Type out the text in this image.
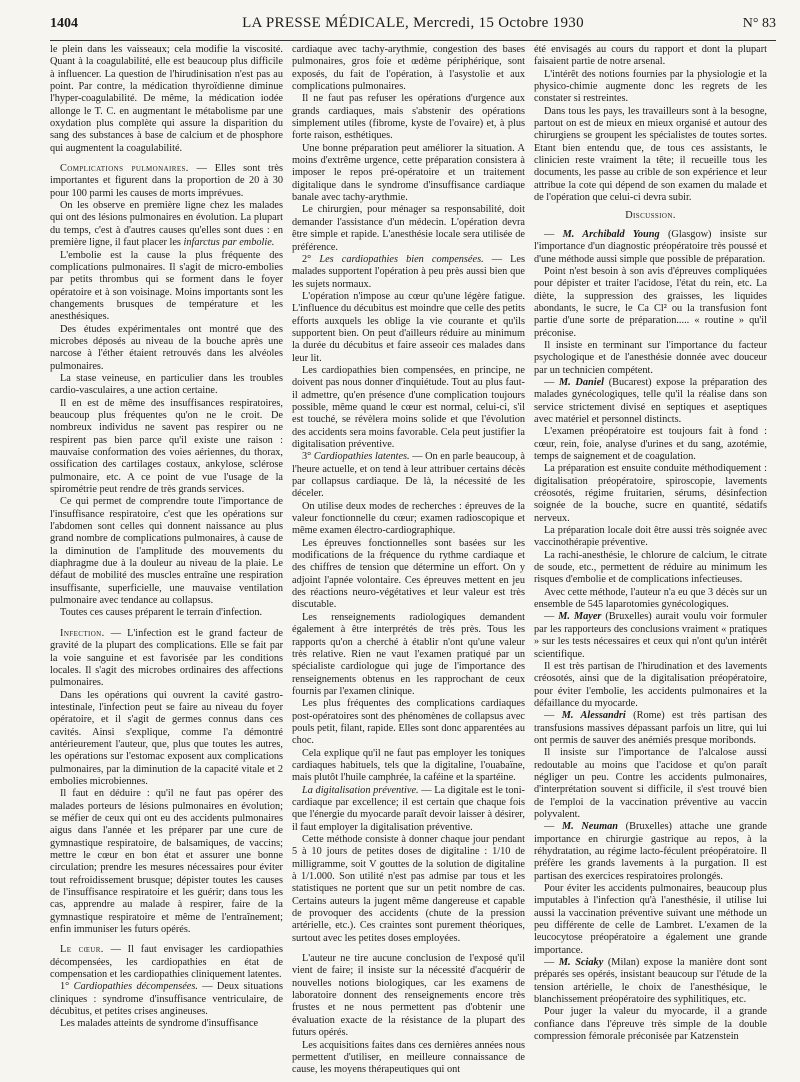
1404	LA PRESSE MÉDICALE, Mercredi, 15 Octobre 1930	N° 83

le plein dans les vaisseaux; cela modifie la viscosité. Quant à la coagulabilité, elle est beaucoup plus difficile à influencer. La question de l'hirudinisation n'est pas au point. Par contre, la médication thyroïdienne diminue l'hyper-coagulabilité. De même, la médication iodée allonge le T. C. en augmentant le métabolisme par une oxydation plus complète qui assure la disparition du sang des substances à base de calcium et de phosphore qui augmentent la coagulabilité.

Complications pulmonaires. — Elles sont très importantes et figurent dans la proportion de 20 à 30 pour 100 parmi les causes de morts imprévues.

On les observe en première ligne chez les malades qui ont des lésions pulmonaires en évolution. La plupart du temps, c'est à d'autres causes qu'elles sont dues : en première ligne, il faut placer les infarctus par embolie.

L'embolie est la cause la plus fréquente des complications pulmonaires. Il s'agit de micro-embolies par petits thrombus qui se forment dans le foyer opératoire et à son voisinage. Moins importants sont les changements brusques de température et les anesthésiques.

Des études expérimentales ont montré que des microbes déposés au niveau de la bouche après une narcose à l'éther étaient retrouvés dans les alvéoles pulmonaires.

La stase veineuse, en particulier dans les troubles cardio-vasculaires, a une action certaine.

Il en est de même des insuffisances respiratoires, beaucoup plus fréquentes qu'on ne le croit. De nombreux individus ne savent pas respirer ou ne respirent pas bien parce qu'il existe une raison : mauvaise conformation des voies aériennes, du thorax, ossification des cartilages costaux, ankylose, sclérose pulmonaire, etc. A ce point de vue l'usage de la spirométrie peut rendre de très grands services.

Ce qui permet de comprendre toute l'importance de l'insuffisance respiratoire, c'est que les opérations sur l'abdomen sont celles qui donnent naissance au plus grand nombre de complications pulmonaires, à cause de la diminution de l'amplitude des mouvements du diaphragme due à la douleur au niveau de la plaie. Le défaut de mobilité des muscles entraîne une respiration insuffisante, superficielle, une mauvaise ventilation pulmonaire avec tendance au collapsus.

Toutes ces causes préparent le terrain d'infection.

Infection. — L'infection est le grand facteur de gravité de la plupart des complications. Elle se fait par la voie sanguine et est favorisée par les conditions locales. Il s'agit des microbes ordinaires des affections pulmonaires.

Dans les opérations qui ouvrent la cavité gastro-intestinale, l'infection peut se faire au niveau du foyer opératoire, et il s'agit de germes connus dans ces cavités. Ainsi s'explique, comme l'a démontré antérieurement l'auteur, que, plus que toutes les autres, les opérations sur l'estomac exposent aux complications pulmonaires, par la diminution de la capacité vitale et 2 embolies microbiennes.

Il faut en déduire : qu'il ne faut pas opérer des malades porteurs de lésions pulmonaires en évolution; se méfier de ceux qui ont eu des accidents pulmonaires aigus dans l'année et les préparer par une cure de gymnastique respiratoire, de balsamiques, de vaccins; mettre le cœur en bon état et assurer une bonne circulation; prendre les mesures nécessaires pour éviter tout refroidissement brusque; dépister toutes les causes de l'insuffisance respiratoire et les guérir; dans tous les cas, apprendre au malade à respirer, faire de la gymnastique respiratoire et même de l'entraînement; enfin immuniser les futurs opérés.

Le cœur. — Il faut envisager les cardiopathies décompensées, les cardiopathies en état de compensation et les cardiopathies cliniquement latentes.

1° Cardiopathies décompensées. — Deux situations cliniques : syndrome d'insuffisance ventriculaire, de décubitus, et petites crises angineuses.

Les malades atteints de syndrome d'insuffisance

cardiaque avec tachy-arythmie, congestion des bases pulmonaires, gros foie et œdème périphérique, sont exposés, du fait de l'opération, à l'asystolie et aux complications pulmonaires.

Il ne faut pas refuser les opérations d'urgence aux grands cardiaques, mais s'abstenir des opérations simplement utiles (fibrome, kyste de l'ovaire) et, à plus forte raison, esthétiques.

Une bonne préparation peut améliorer la situation. A moins d'extrême urgence, cette préparation consistera à imposer le repos pré-opératoire et un traitement digitalique dans le syndrome d'insuffisance cardiaque banale avec tachy-arythmie.

Le chirurgien, pour ménager sa responsabilité, doit demander l'assistance d'un médecin. L'opération devra être simple et rapide. L'anesthésie locale sera utilisée de préférence.

2° Les cardiopathies bien compensées. — Les malades supportent l'opération à peu près aussi bien que les sujets normaux.

L'opération n'impose au cœur qu'une légère fatigue. L'influence du décubitus est moindre que celle des petits efforts auxquels les oblige la vie courante et qu'ils supportent bien. On peut d'ailleurs réduire au minimum la durée du décubitus et faire asseoir ces malades dans leur lit.

Les cardiopathies bien compensées, en principe, ne doivent pas nous donner d'inquiétude. Tout au plus faut-il admettre, qu'en présence d'une complication toujours possible, même quand le cœur est normal, celui-ci, s'il est touché, se révèlera moins solide et que l'évolution des accidents sera moins favorable. Cela peut justifier la digitalisation préventive.

3° Cardiopathies latentes. — On en parle beaucoup, à l'heure actuelle, et on tend à leur attribuer certains décès par collapsus cardiaque. De là, la nécessité de les déceler.

On utilise deux modes de recherches : épreuves de la valeur fonctionnelle du cœur; examen radioscopique et même examen électro-cardiographique.

Les épreuves fonctionnelles sont basées sur les modifications de la fréquence du rythme cardiaque et des chiffres de tension que détermine un effort. On y adjoint l'apnée volontaire. Ces épreuves mettent en jeu des réactions neuro-végétatives et leur valeur est très discutable.

Les renseignements radiologiques demandent également à être interprétés de très près. Tous les rapports qu'on a cherché à établir n'ont qu'une valeur très relative. Rien ne vaut l'examen pratiqué par un spécialiste cardiologue qui juge de l'importance des renseignements obtenus en les rapprochant de ceux fournis par l'examen clinique.

Les plus fréquentes des complications cardiaques post-opératoires sont des phénomènes de collapsus avec pouls petit, filant, rapide. Elles sont donc apparentées au choc.

Cela explique qu'il ne faut pas employer les toniques cardiaques habituels, tels que la digitaline, l'ouabaïne, mais plutôt l'huile camphrée, la caféine et la spartéine.

La digitalisation préventive. — La digitale est le toni-cardiaque par excellence; il est certain que chaque fois que l'énergie du myocarde paraît devoir laisser à désirer, il faut employer la digitalisation préventive.

Cette méthode consiste à donner chaque jour pendant 5 à 10 jours de petites doses de digitaline : 1/10 de milligramme, soit V gouttes de la solution de digitaline à 1/1.000. Son utilité n'est pas admise par tous et les statistiques ne portent que sur un petit nombre de cas. Certains auteurs la jugent même dangereuse et capable de provoquer des accidents (chute de la pression artérielle, etc.). Ces craintes sont purement théoriques, surtout avec les petites doses employées.

L'auteur ne tire aucune conclusion de l'exposé qu'il vient de faire; il insiste sur la nécessité d'acquérir de nouvelles notions biologiques, car les examens de laboratoire donnent des renseignements encore très frustes et ne nous permettent pas d'obtenir une évaluation exacte de la résistance de la plupart des futurs opérés.

Les acquisitions faites dans ces dernières années nous permettent d'utiliser, en meilleure connaissance de cause, les moyens thérapeutiques qui ont

été envisagés au cours du rapport et dont la plupart faisaient partie de notre arsenal.

L'intérêt des notions fournies par la physiologie et la physico-chimie augmente donc les regrets de les constater si restreintes.

Dans tous les pays, les travailleurs sont à la besogne, partout on est de mieux en mieux organisé et autour des chirurgiens se groupent les spécialistes de toutes sortes. Etant bien entendu que, de tous ces assistants, le clinicien reste vraiment la tête; il recueille tous les documents, les passe au crible de son expérience et leur attribue la cote qui dépend de son examen du malade et de l'opération que celui-ci devra subir.

Discussion.

— M. Archibald Young (Glasgow) insiste sur l'importance d'un diagnostic préopératoire très poussé et d'une méthode aussi simple que possible de préparation.

Point n'est besoin à son avis d'épreuves compliquées pour dépister et traiter l'acidose, l'état du rein, etc. La diète, la suppression des graisses, les liquides abondants, le sucre, le Ca Cl² ou la transfusion font partie d'une sorte de préparation..... « routine » qu'il préconise.

Il insiste en terminant sur l'importance du facteur psychologique et de l'anesthésie donnée avec douceur par un technicien compétent.

— M. Daniel (Bucarest) expose la préparation des malades gynécologiques, telle qu'il la réalise dans son service strictement divisé en septiques et aseptiques avec matériel et personnel distincts.

L'examen préopératoire est toujours fait à fond : cœur, rein, foie, analyse d'urines et du sang, azotémie, temps de saignement et de coagulation.

La préparation est ensuite conduite méthodiquement : digitalisation préopératoire, spiroscopie, lavements créosotés, régime fruitarien, sérums, désinfection soignée de la bouche, sucre en quantité, sédatifs nerveux.

La préparation locale doit être aussi très soignée avec vaccinothérapie préventive.

La rachi-anesthésie, le chlorure de calcium, le citrate de soude, etc., permettent de réduire au minimum les risques d'embolie et de complications infectieuses.

Avec cette méthode, l'auteur n'a eu que 3 décès sur un ensemble de 545 laparotomies gynécologiques.

— M. Mayer (Bruxelles) aurait voulu voir formuler par les rapporteurs des conclusions vraiment « pratiques » sur les tests nécessaires et ceux qui n'ont qu'un intérêt scientifique.

Il est très partisan de l'hirudination et des lavements créosotés, ainsi que de la digitalisation préopératoire, pour éviter l'embolie, les accidents pulmonaires et la défaillance du myocarde.

— M. Alessandri (Rome) est très partisan des transfusions massives dépassant parfois un litre, qui lui ont permis de sauver des anémiés presque moribonds.

Il insiste sur l'importance de l'alcalose aussi redoutable au moins que l'acidose et qu'on paraît négliger un peu. Contre les accidents pulmonaires, d'interprétation souvent si difficile, il s'est trouvé bien de l'emploi de la vaccination préventive au vaccin polyvalent.

— M. Neuman (Bruxelles) attache une grande importance en chirurgie gastrique au repos, à la réhydratation, au régime lacto-féculent préopératoire. Il préfère les grands lavements à la purgation. Il est partisan des exercices respiratoires prolongés.

Pour éviter les accidents pulmonaires, beaucoup plus imputables à l'infection qu'à l'anesthésie, il utilise lui aussi la vaccination préventive suivant une méthode un peu différente de celle de Lambret. L'examen de la leucocytose préopératoire a également une grande importance.

— M. Sciaky (Milan) expose la manière dont sont préparés ses opérés, insistant beaucoup sur l'étude de la tension artérielle, le choix de l'anesthésique, le blanchissement préopératoire des syphilitiques, etc.

Pour juger la valeur du myocarde, il a grande confiance dans l'épreuve très simple de la double compression fémorale préconisée par Katzenstein
